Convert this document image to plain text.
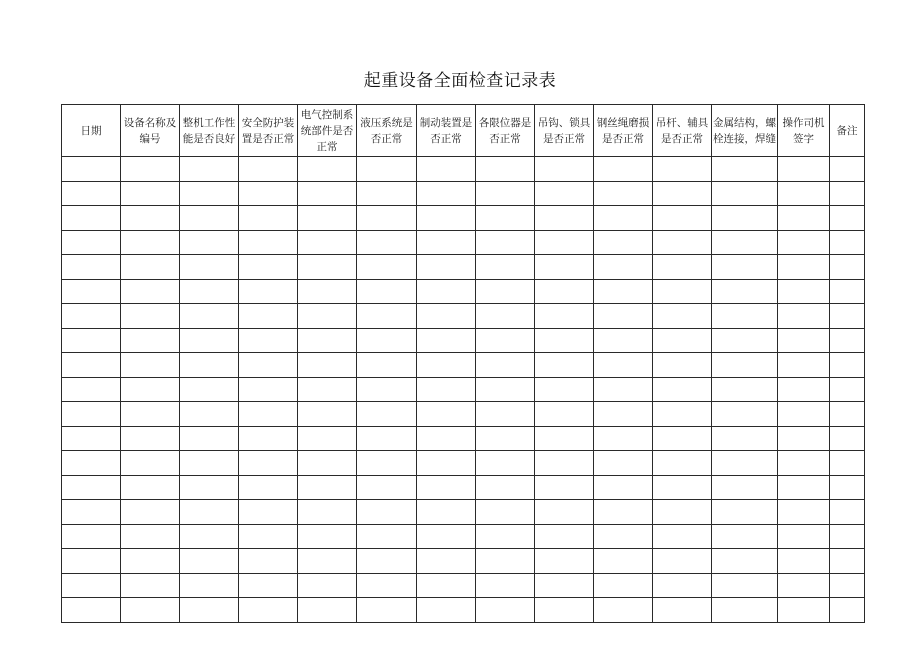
起重设备全面检查记录表
日期	设备名称及编号	整机工作性能是否良好	安全防护装置是否正常	电气控制系统部件是否正常	液压系统是否正常	制动装置是否正常	各限位器是否正常	吊钩、锁具是否正常	钢丝绳磨损是否正常	吊杆、辅具是否正常	金属结构，螺栓连接，焊缝	操作司机签字	备注
